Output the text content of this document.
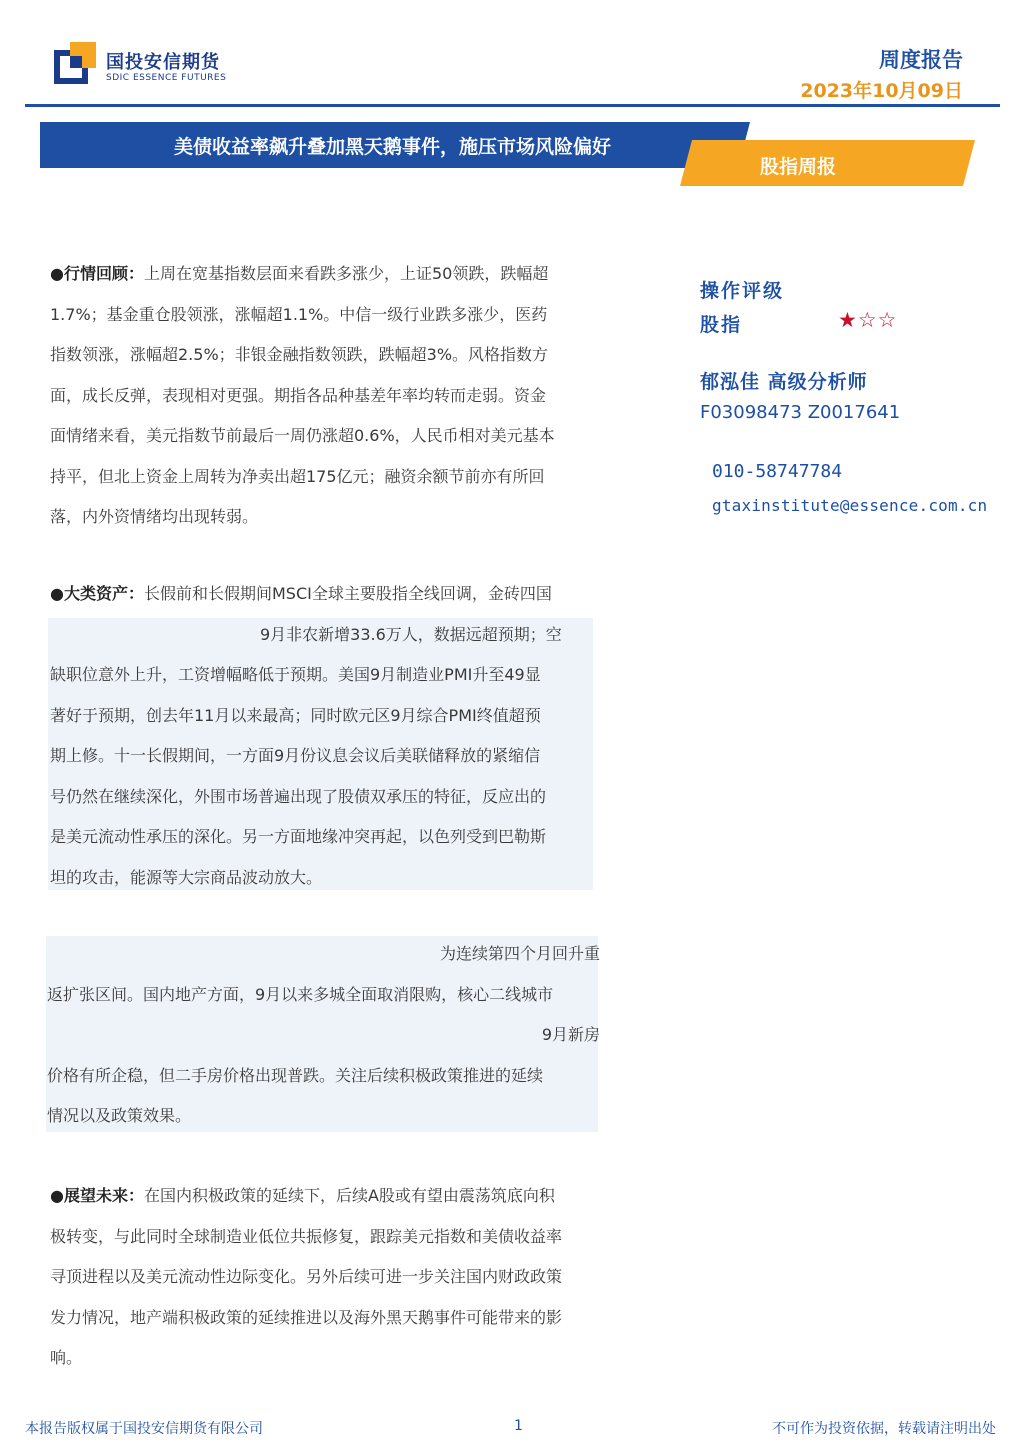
国投安信期货
SDIC ESSENCE FUTURES
周度报告
2023年10月09日
美债收益率飙升叠加黑天鹅事件，施压市场风险偏好
股指周报
●行情回顾：上周在宽基指数层面来看跌多涨少，上证50领跌，跌幅超
1.7%；基金重仓股领涨，涨幅超1.1%。中信一级行业跌多涨少，医药
指数领涨，涨幅超2.5%；非银金融指数领跌，跌幅超3%。风格指数方
面，成长反弹，表现相对更强。期指各品种基差年率均转而走弱。资金
面情绪来看，美元指数节前最后一周仍涨超0.6%，人民币相对美元基本
持平，但北上资金上周转为净卖出超175亿元；融资余额节前亦有所回
落，内外资情绪均出现转弱。
●大类资产：长假前和长假期间MSCI全球主要股指全线回调，金砖四国
9月非农新增33.6万人，数据远超预期；空
缺职位意外上升，工资增幅略低于预期。美国9月制造业PMI升至49显
著好于预期，创去年11月以来最高；同时欧元区9月综合PMI终值超预
期上修。十一长假期间，一方面9月份议息会议后美联储释放的紧缩信
号仍然在继续深化，外围市场普遍出现了股债双承压的特征，反应出的
是美元流动性承压的深化。另一方面地缘冲突再起，以色列受到巴勒斯
坦的攻击，能源等大宗商品波动放大。
为连续第四个月回升重
返扩张区间。国内地产方面，9月以来多城全面取消限购，核心二线城市
9月新房
价格有所企稳，但二手房价格出现普跌。关注后续积极政策推进的延续
情况以及政策效果。
●展望未来：在国内积极政策的延续下，后续A股或有望由震荡筑底向积
极转变，与此同时全球制造业低位共振修复，跟踪美元指数和美债收益率
寻顶进程以及美元流动性边际变化。另外后续可进一步关注国内财政政策
发力情况，地产端积极政策的延续推进以及海外黑天鹅事件可能带来的影
响。
操作评级
股指	★☆☆
郁泓佳 高级分析师
F03098473 Z0017641
010-58747784
gtaxinstitute@essence.com.cn
本报告版权属于国投安信期货有限公司	1	不可作为投资依据，转载请注明出处
